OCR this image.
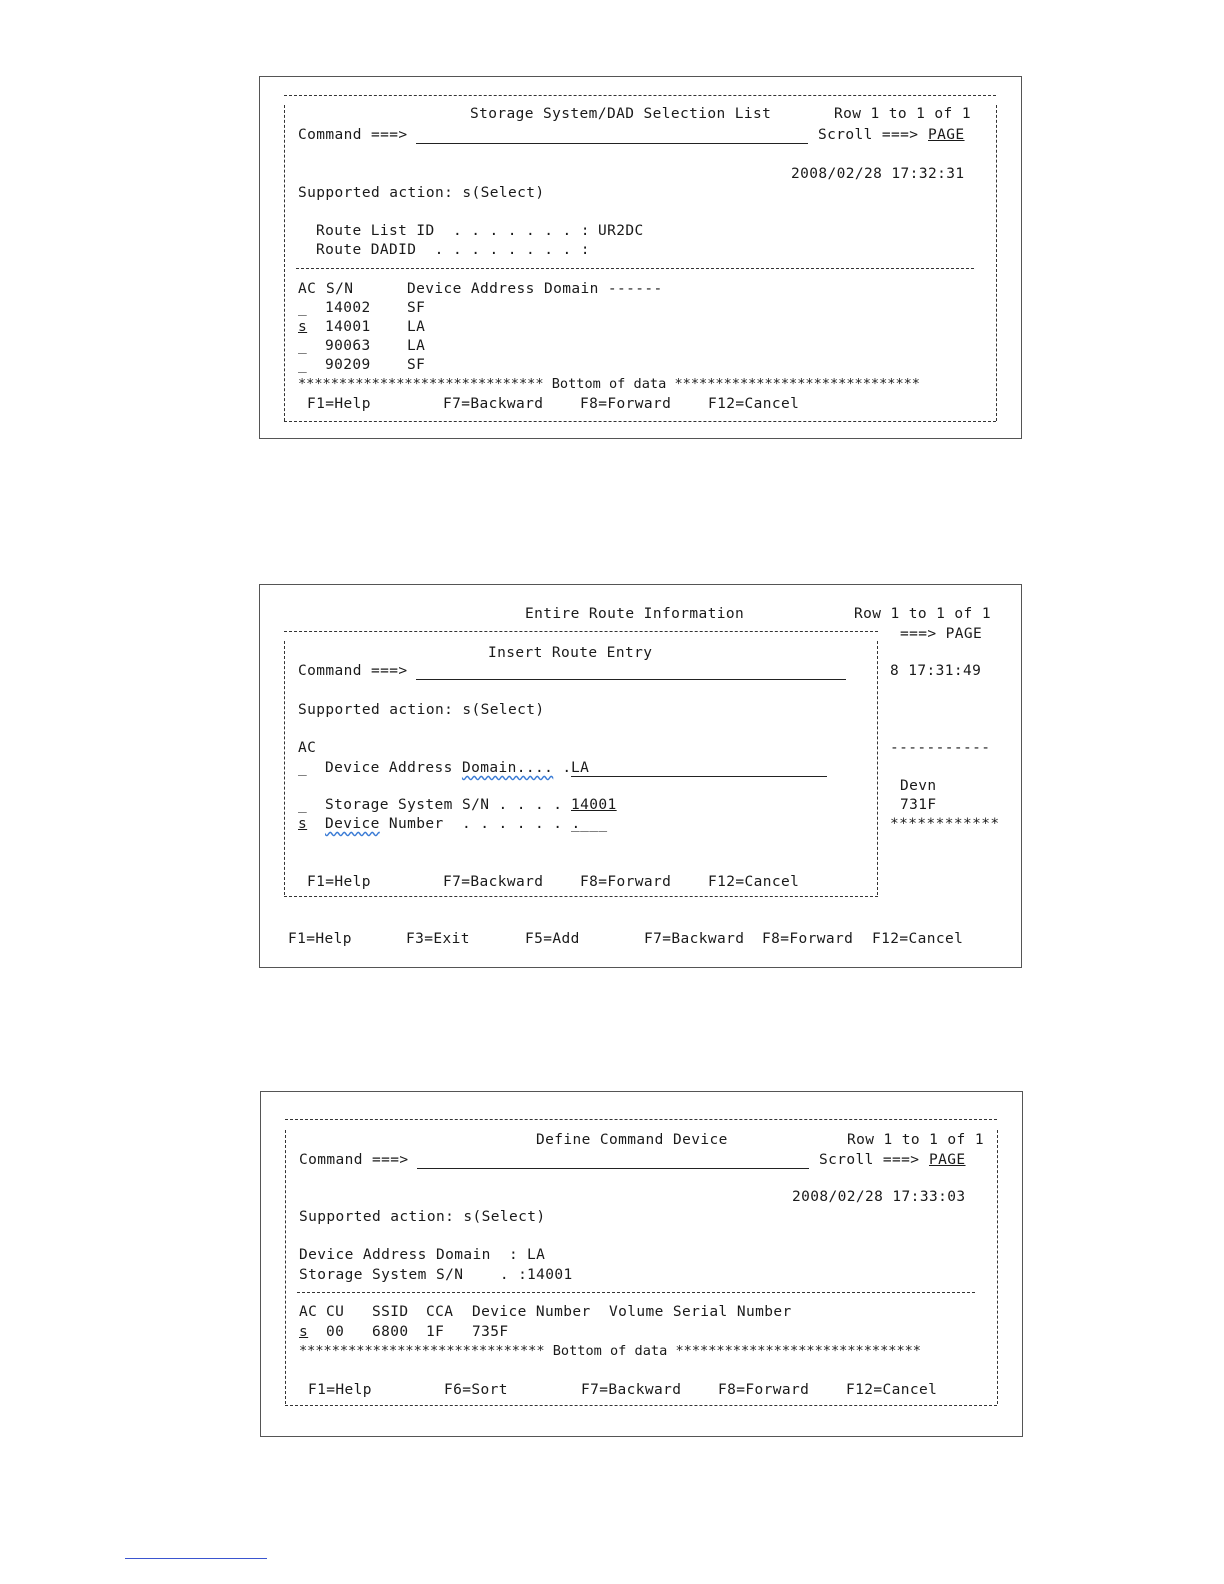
Storage System/DAD Selection List	Row 1 to 1 of 1
Command ===>	Scroll ===> PAGE
2008/02/28 17:32:31
Supported action: s(Select)
Route List ID  . . . . . . . : UR2DC
Route DADID  . . . . . . . . :
AC S/N	Device Address Domain ------
_ 14002	SF
s 14001	LA
_ 90063	LA
_ 90209	SF
****************************** Bottom of data ******************************
F1=Help	F7=Backward	F8=Forward	F12=Cancel
Entire Route Information	Row 1 to 1 of 1
===> PAGE
8 17:31:49
-----------
Devn
731F
************
Insert Route Entry
Command ===>
Supported action: s(Select)
AC
_ Device Address Domain.... . LA
_ Storage System S/N . . . . 14001
s Device Number  . . . . . . .
____
F1=Help	F7=Backward	F8=Forward	F12=Cancel
F1=Help	F3=Exit	F5=Add	F7=Backward F8=Forward F12=Cancel
Define Command Device	Row 1 to 1 of 1
Command ===>	Scroll ===> PAGE
2008/02/28 17:33:03
Supported action: s(Select)
Device Address Domain  : LA
Storage System S/N    . : 14001
AC CU SSID CCA Device Number Volume Serial Number
s 00 6800 1F 735F
****************************** Bottom of data ******************************
F1=Help	F6=Sort	F7=Backward	F8=Forward	F12=Cancel
